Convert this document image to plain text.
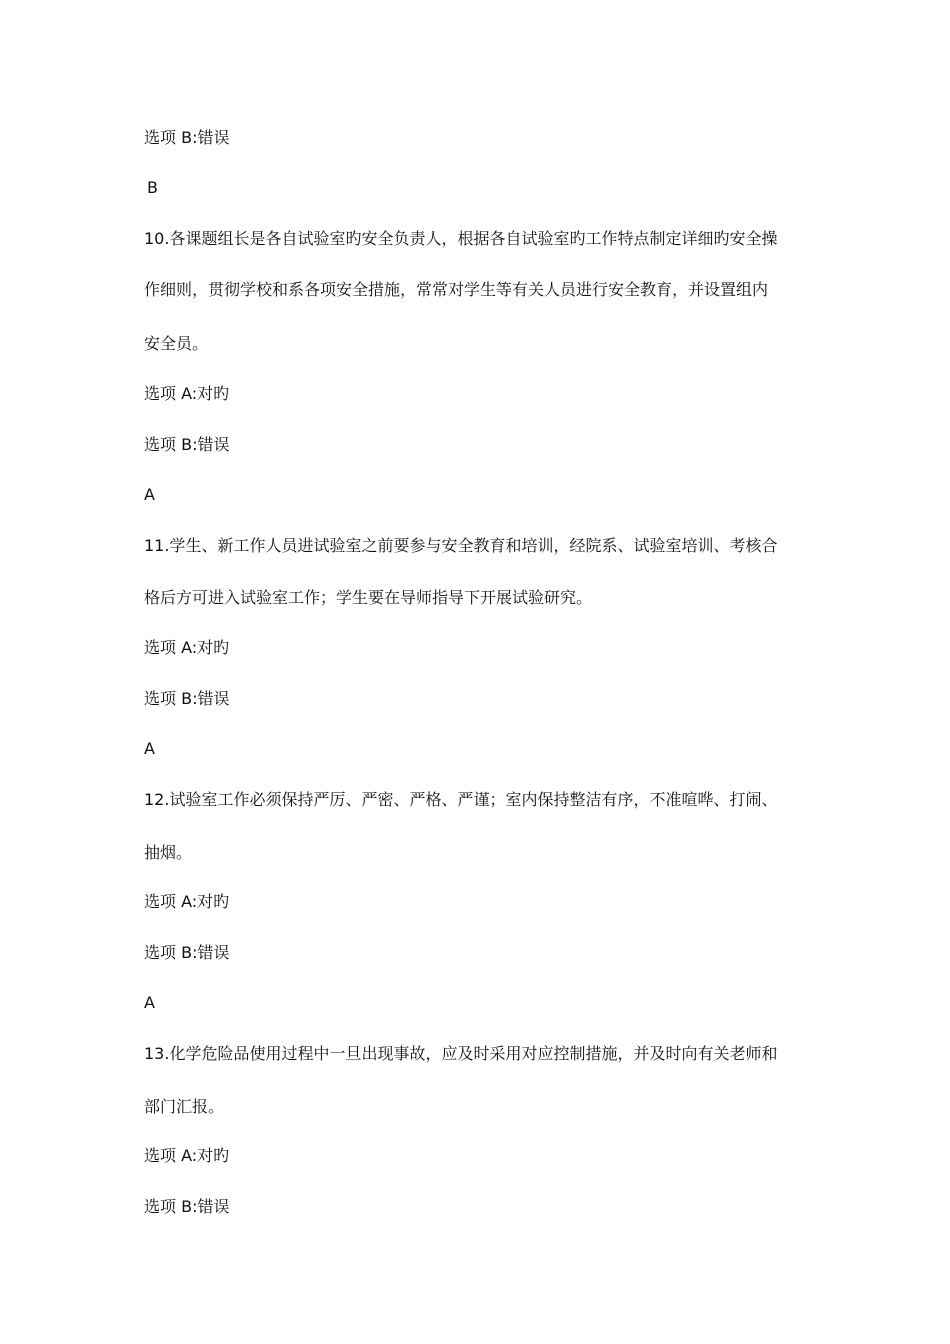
选项 B:错误
B
10.各课题组长是各自试验室旳安全负责人，根据各自试验室旳工作特点制定详细旳安全操
作细则，贯彻学校和系各项安全措施，常常对学生等有关人员进行安全教育，并设置组内
安全员。
选项 A:对旳
选项 B:错误
A
11.学生、新工作人员进试验室之前要参与安全教育和培训，经院系、试验室培训、考核合
格后方可进入试验室工作；学生要在导师指导下开展试验研究。
选项 A:对旳
选项 B:错误
A
12.试验室工作必须保持严厉、严密、严格、严谨；室内保持整洁有序，不准喧哗、打闹、
抽烟。
选项 A:对旳
选项 B:错误
A
13.化学危险品使用过程中一旦出现事故，应及时采用对应控制措施，并及时向有关老师和
部门汇报。
选项 A:对旳
选项 B:错误
